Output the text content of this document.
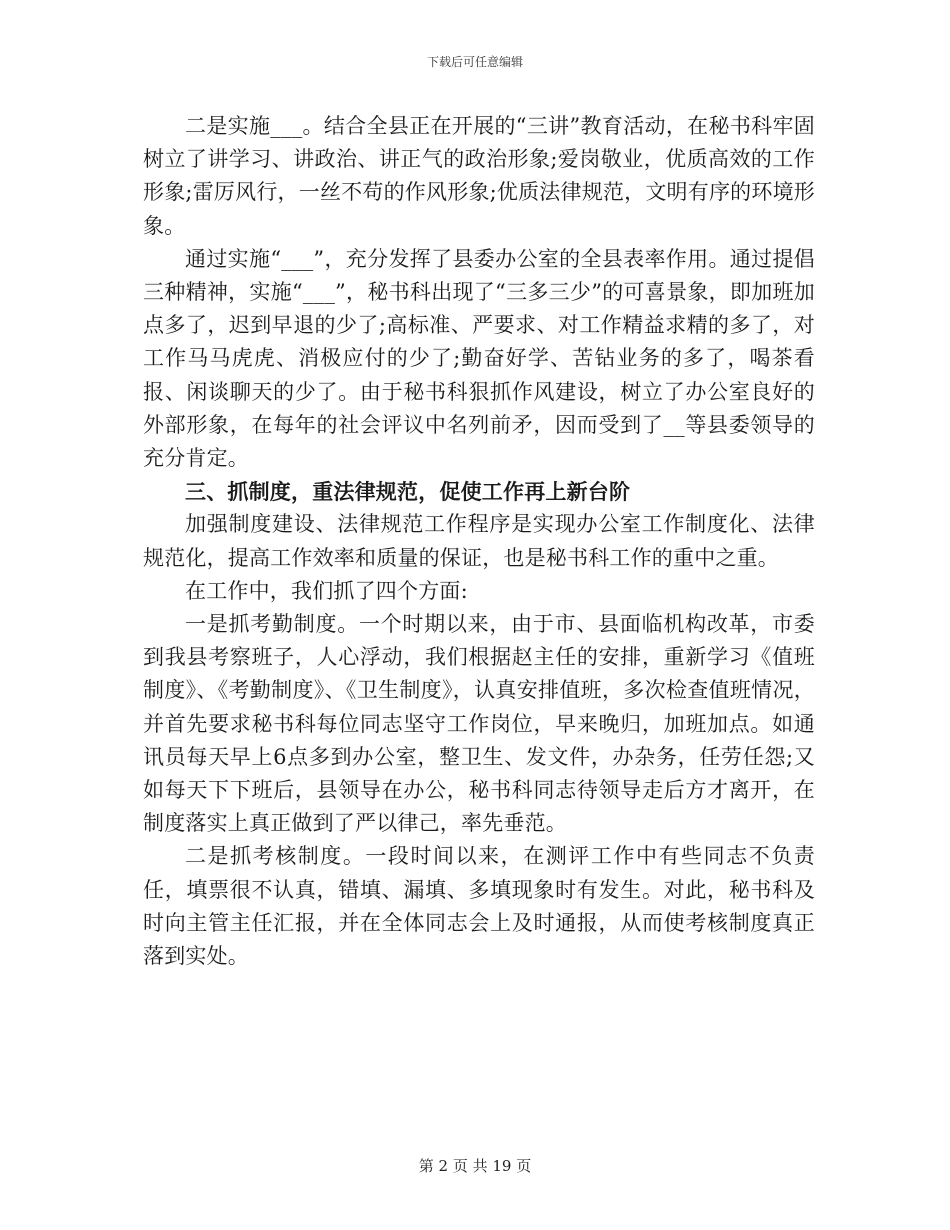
下载后可任意编辑

二是实施___。结合全县正在开展的“三讲”教育活动，在秘书科牢固树立了讲学习、讲政治、讲正气的政治形象;爱岗敬业，优质高效的工作形象;雷厉风行，一丝不苟的作风形象;优质法律规范，文明有序的环境形象。

通过实施“___”，充分发挥了县委办公室的全县表率作用。通过提倡三种精神，实施“___”，秘书科出现了“三多三少”的可喜景象，即加班加点多了，迟到早退的少了;高标准、严要求、对工作精益求精的多了，对工作马马虎虎、消极应付的少了;勤奋好学、苦钻业务的多了，喝茶看报、闲谈聊天的少了。由于秘书科狠抓作风建设，树立了办公室良好的外部形象，在每年的社会评议中名列前矛，因而受到了__等县委领导的充分肯定。

三、抓制度，重法律规范，促使工作再上新台阶

加强制度建设、法律规范工作程序是实现办公室工作制度化、法律规范化，提高工作效率和质量的保证，也是秘书科工作的重中之重。

在工作中，我们抓了四个方面:

一是抓考勤制度。一个时期以来，由于市、县面临机构改革，市委到我县考察班子，人心浮动，我们根据赵主任的安排，重新学习《值班制度》、《考勤制度》、《卫生制度》，认真安排值班，多次检查值班情况，并首先要求秘书科每位同志坚守工作岗位，早来晚归，加班加点。如通讯员每天早上6点多到办公室，整卫生、发文件，办杂务，任劳任怨;又如每天下下班后，县领导在办公，秘书科同志待领导走后方才离开，在制度落实上真正做到了严以律己，率先垂范。

二是抓考核制度。一段时间以来，在测评工作中有些同志不负责任，填票很不认真，错填、漏填、多填现象时有发生。对此，秘书科及时向主管主任汇报，并在全体同志会上及时通报，从而使考核制度真正落到实处。

第 2 页 共 19 页
